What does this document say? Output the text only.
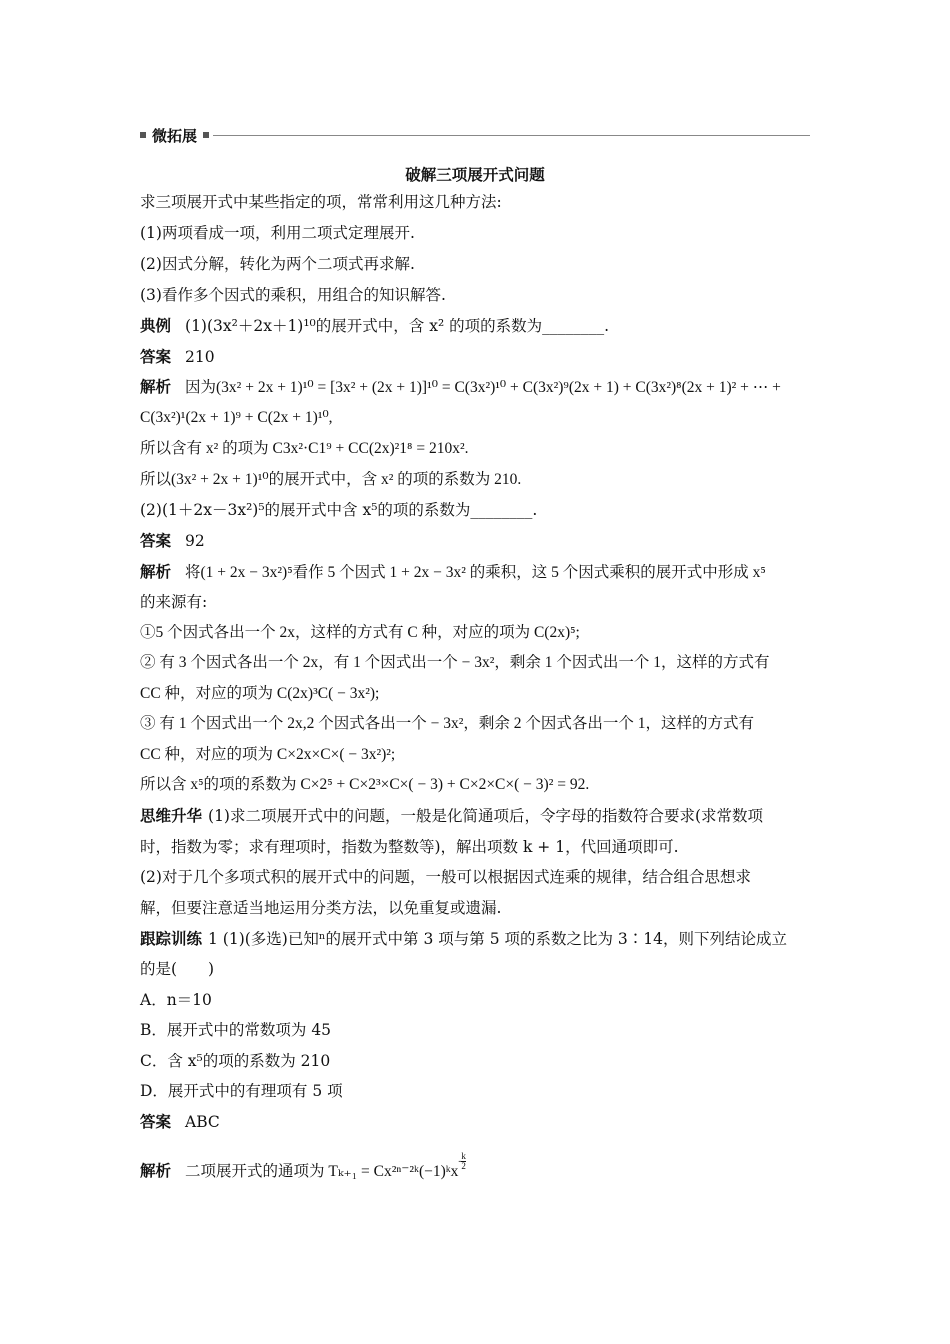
微拓展
破解三项展开式问题
求三项展开式中某些指定的项，常常利用这几种方法:
(1)两项看成一项，利用二项式定理展开.
(2)因式分解，转化为两个二项式再求解.
(3)看作多个因式的乘积，用组合的知识解答.
典例 (1)(3x²＋2x＋1)¹⁰的展开式中，含 x² 的项的系数为________.
答案 210
解析 因为(3x² + 2x + 1)¹⁰ = [3x² + (2x + 1)]¹⁰ = C(3x²)¹⁰ + C(3x²)⁹(2x + 1) + C(3x²)⁸(2x + 1)² + ⋯ +
C(3x²)¹(2x + 1)⁹ + C(2x + 1)¹⁰,
所以含有 x² 的项为 C3x²·C1⁹ + CC(2x)²1⁸ = 210x².
所以(3x² + 2x + 1)¹⁰的展开式中，含 x² 的项的系数为 210.
(2)(1＋2x－3x²)⁵的展开式中含 x⁵的项的系数为________.
答案 92
解析 将(1 + 2x − 3x²)⁵看作 5 个因式 1 + 2x − 3x² 的乘积，这 5 个因式乘积的展开式中形成 x⁵
的来源有:
①5 个因式各出一个 2x，这样的方式有 C 种，对应的项为 C(2x)⁵;
② 有 3 个因式各出一个 2x，有 1 个因式出一个 − 3x²，剩余 1 个因式出一个 1，这样的方式有
CC 种，对应的项为 C(2x)³C( − 3x²);
③ 有 1 个因式出一个 2x,2 个因式各出一个 − 3x²，剩余 2 个因式各出一个 1，这样的方式有
CC 种，对应的项为 C×2x×C×( − 3x²)²;
所以含 x⁵的项的系数为 C×2⁵ + C×2³×C×( − 3) + C×2×C×( − 3)² = 92.
思维升华 (1)求二项展开式中的问题，一般是化简通项后，令字母的指数符合要求(求常数项
时，指数为零；求有理项时，指数为整数等)，解出项数 k + 1，代回通项即可.
(2)对于几个多项式积的展开式中的问题，一般可以根据因式连乘的规律，结合组合思想求
解，但要注意适当地运用分类方法，以免重复或遗漏.
跟踪训练 1 (1)(多选)已知ⁿ的展开式中第 3 项与第 5 项的系数之比为 3∶14，则下列结论成立
的是(　　)
A．n＝10
B．展开式中的常数项为 45
C．含 x⁵的项的系数为 210
D．展开式中的有理项有 5 项
答案 ABC
解析 二项展开式的通项为 Tₖ₊₁ = Cx²ⁿ⁻²ᵏ(−1)ᵏx- $\frac{k}{2}$
